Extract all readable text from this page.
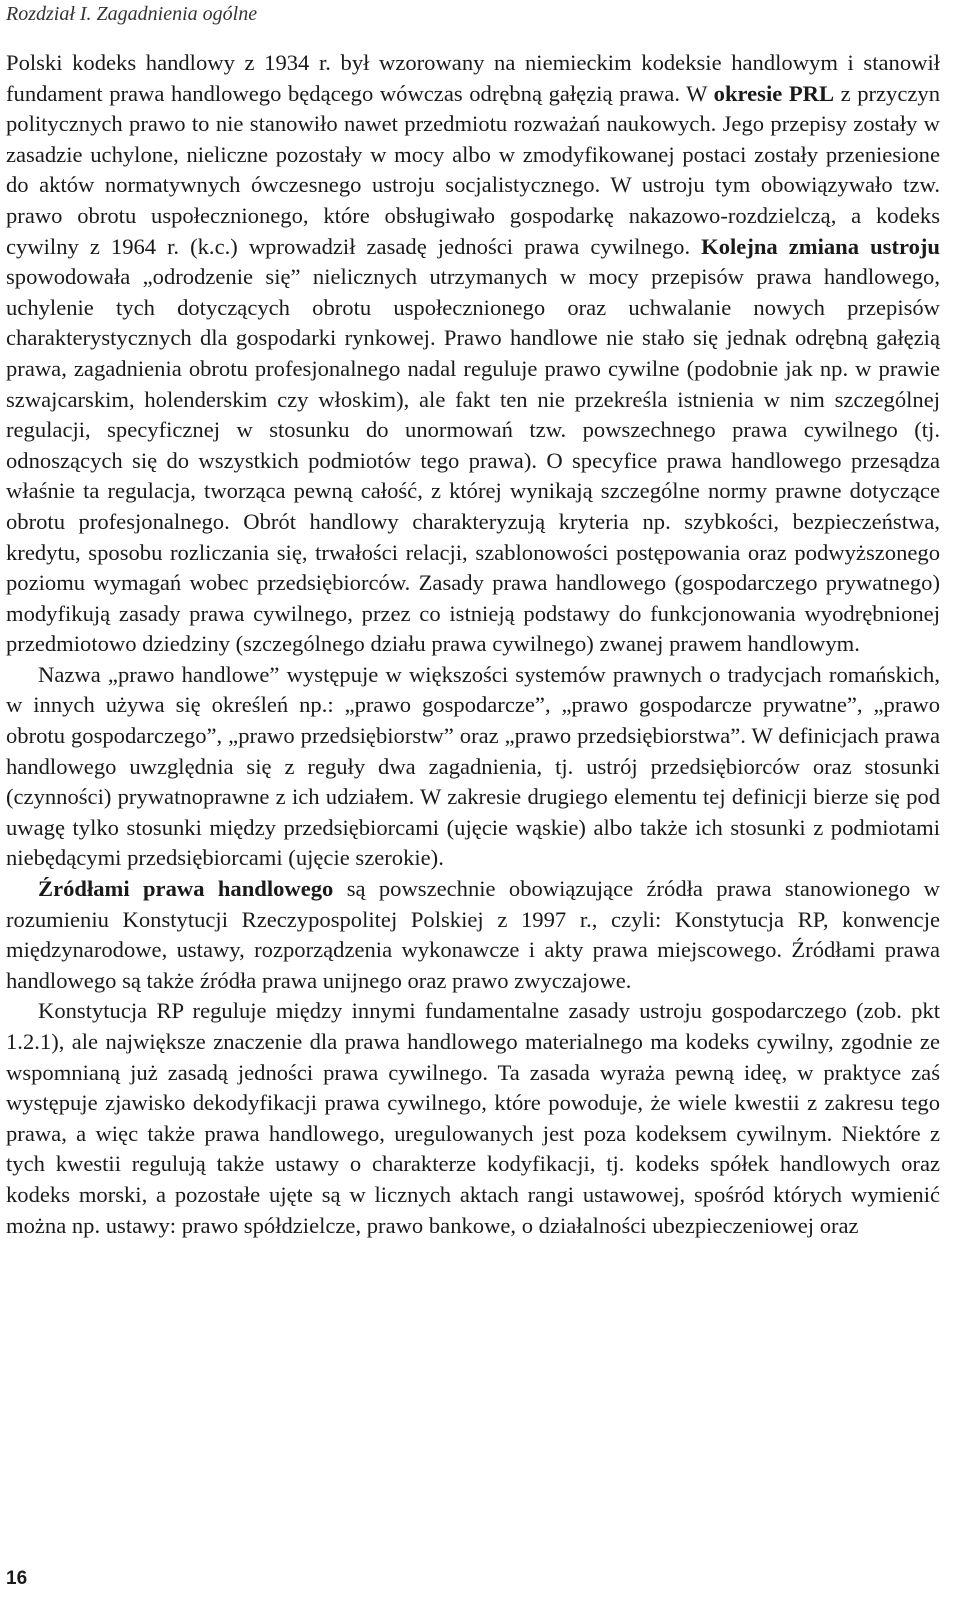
Rozdział I. Zagadnienia ogólne

Polski kodeks handlowy z 1934 r. był wzorowany na niemieckim kodeksie handlowym i stanowił fundament prawa handlowego będącego wówczas odrębną gałęzią prawa. W okresie PRL z przyczyn politycznych prawo to nie stanowiło nawet przedmiotu rozważań naukowych. Jego przepisy zostały w zasadzie uchylone, nieliczne pozostały w mocy albo w zmodyfikowanej postaci zostały przeniesione do aktów normatywnych ówczesnego ustroju socjalistycznego. W ustroju tym obowiązywało tzw. prawo obrotu uspołecznionego, które obsługiwało gospodarkę nakazowo-rozdzielczą, a kodeks cywilny z 1964 r. (k.c.) wprowadził zasadę jedności prawa cywilnego. Kolejna zmiana ustroju spowodowała „odrodzenie się” nielicznych utrzymanych w mocy przepisów prawa handlowego, uchylenie tych dotyczących obrotu uspołecznionego oraz uchwalanie nowych przepisów charakterystycznych dla gospodarki rynkowej. Prawo handlowe nie stało się jednak odrębną gałęzią prawa, zagadnienia obrotu profesjonalnego nadal reguluje prawo cywilne (podobnie jak np. w prawie szwajcarskim, holenderskim czy włoskim), ale fakt ten nie przekreśla istnienia w nim szczególnej regulacji, specyficznej w stosunku do unormowań tzw. powszechnego prawa cywilnego (tj. odnoszących się do wszystkich podmiotów tego prawa). O specyfice prawa handlowego przesądza właśnie ta regulacja, tworząca pewną całość, z której wynikają szczególne normy prawne dotyczące obrotu profesjonalnego. Obrót handlowy charakteryzują kryteria np. szybkości, bezpieczeństwa, kredytu, sposobu rozliczania się, trwałości relacji, szablonowości postępowania oraz podwyższonego poziomu wymagań wobec przedsiębiorców. Zasady prawa handlowego (gospodarczego prywatnego) modyfikują zasady prawa cywilnego, przez co istnieją podstawy do funkcjonowania wyodrębnionej przedmiotowo dziedziny (szczególnego działu prawa cywilnego) zwanej prawem handlowym.

Nazwa „prawo handlowe” występuje w większości systemów prawnych o tradycjach romańskich, w innych używa się określeń np.: „prawo gospodarcze”, „prawo gospodarcze prywatne”, „prawo obrotu gospodarczego”, „prawo przedsiębiorstw” oraz „prawo przedsiębiorstwa”. W definicjach prawa handlowego uwzględnia się z reguły dwa zagadnienia, tj. ustrój przedsiębiorców oraz stosunki (czynności) prywatnoprawne z ich udziałem. W zakresie drugiego elementu tej definicji bierze się pod uwagę tylko stosunki między przedsiębiorcami (ujęcie wąskie) albo także ich stosunki z podmiotami niebędącymi przedsiębiorcami (ujęcie szerokie).

Źródłami prawa handlowego są powszechnie obowiązujące źródła prawa stanowionego w rozumieniu Konstytucji Rzeczypospolitej Polskiej z 1997 r., czyli: Konstytucja RP, konwencje międzynarodowe, ustawy, rozporządzenia wykonawcze i akty prawa miejscowego. Źródłami prawa handlowego są także źródła prawa unijnego oraz prawo zwyczajowe.

Konstytucja RP reguluje między innymi fundamentalne zasady ustroju gospodarczego (zob. pkt 1.2.1), ale największe znaczenie dla prawa handlowego materialnego ma kodeks cywilny, zgodnie ze wspomnianą już zasadą jedności prawa cywilnego. Ta zasada wyraża pewną ideę, w praktyce zaś występuje zjawisko dekodyfikacji prawa cywilnego, które powoduje, że wiele kwestii z zakresu tego prawa, a więc także prawa handlowego, uregulowanych jest poza kodeksem cywilnym. Niektóre z tych kwestii regulują także ustawy o charakterze kodyfikacji, tj. kodeks spółek handlowych oraz kodeks morski, a pozostałe ujęte są w licznych aktach rangi ustawowej, spośród których wymienić można np. ustawy: prawo spółdzielcze, prawo bankowe, o działalności ubezpieczeniowej oraz

16
